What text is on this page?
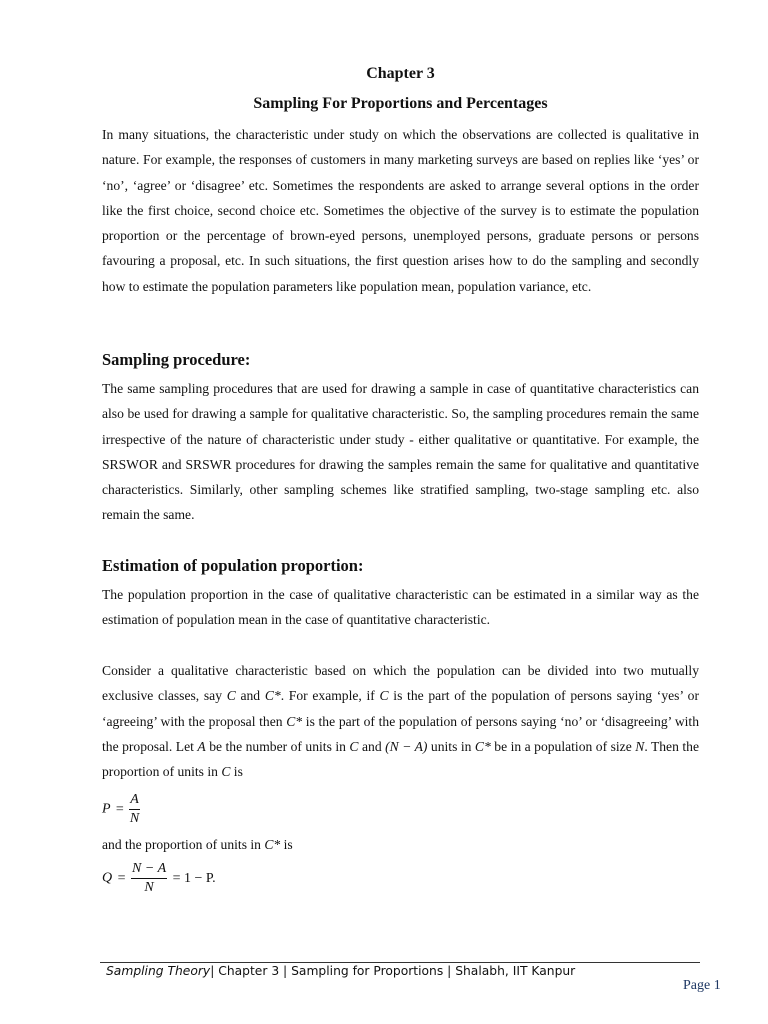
Chapter 3
Sampling For Proportions and Percentages

In many situations, the characteristic under study on which the observations are collected is qualitative in nature. For example, the responses of customers in many marketing surveys are based on replies like ‘yes’ or ‘no’, ‘agree’ or ‘disagree’ etc. Sometimes the respondents are asked to arrange several options in the order like the first choice, second choice etc. Sometimes the objective of the survey is to estimate the population proportion or the percentage of brown-eyed persons, unemployed persons, graduate persons or persons favouring a proposal, etc. In such situations, the first question arises how to do the sampling and secondly how to estimate the population parameters like population mean, population variance, etc.

Sampling procedure:

The same sampling procedures that are used for drawing a sample in case of quantitative characteristics can also be used for drawing a sample for qualitative characteristic. So, the sampling procedures remain the same irrespective of the nature of characteristic under study - either qualitative or quantitative. For example, the SRSWOR and SRSWR procedures for drawing the samples remain the same for qualitative and quantitative characteristics. Similarly, other sampling schemes like stratified sampling, two-stage sampling etc. also remain the same.

Estimation of population proportion:

The population proportion in the case of qualitative characteristic can be estimated in a similar way as the estimation of population mean in the case of quantitative characteristic.

Consider a qualitative characteristic based on which the population can be divided into two mutually exclusive classes, say C and C*. For example, if C is the part of the population of persons saying ‘yes’ or ‘agreeing’ with the proposal then C* is the part of the population of persons saying ‘no’ or ‘disagreeing’ with the proposal. Let A be the number of units in C and (N − A) units in C* be in a population of size N. Then the proportion of units in C is

$P = \frac{A}{N}$

and the proportion of units in C* is

$Q = \frac{N - A}{N} = 1 - P$.
Sampling Theory| Chapter 3 | Sampling for Proportions | Shalabh, IIT Kanpur
Page 1
